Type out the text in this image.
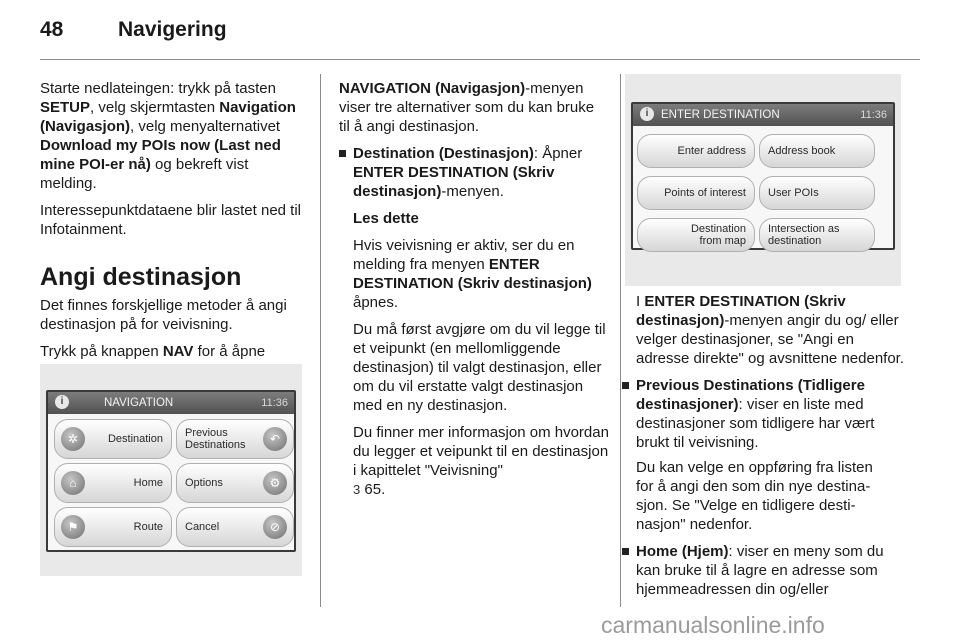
48	Navigering

Starte nedlateingen: trykk på tasten SETUP, velg skjermtasten Navigation (Navigasjon), velg menyalternativet Download my POIs now (Last ned mine POI-er nå) og bekreft vist melding.

Interessepunktdataene blir lastet ned til Infotainment.

Angi destinasjon

Det finnes forskjellige metoder å angi destinasjon på for veivisning.

Trykk på knappen NAV for å åpne

i	NAVIGATION	11:36
✲	Destination Previous
Destinations	↶
⌂	Home Options	⚙
⚑	Route Cancel	⊘

NAVIGATION (Navigasjon)-menyen viser tre alternativer som du kan bruke til å angi destinasjon.

Destination (Destinasjon): Åpner ENTER DESTINATION (Skriv destinasjon)-menyen.

Les dette

Hvis veivisning er aktiv, ser du en melding fra menyen ENTER DESTINATION (Skriv destinasjon) åpnes.

Du må først avgjøre om du vil legge til et veipunkt (en mellomliggende destinasjon) til valgt destinasjon, eller om du vil erstatte valgt destinasjon med en ny destinasjon.

Du finner mer informasjon om hvordan du legger et veipunkt til en destinasjon i kapittelet "Veivisning"
3 65.

i	ENTER DESTINATION	11:36
Enter address Address book
Points of interest User POIs
Destination
from map
Intersection as
destination

I ENTER DESTINATION (Skriv destinasjon)-menyen angir du og/ eller velger destinasjoner, se "Angi en adresse direkte" og avsnittene nedenfor.

Previous Destinations (Tidligere destinasjoner): viser en liste med destinasjoner som tidligere har vært brukt til veivisning.

Du kan velge en oppføring fra listen for å angi den som din nye destinasjon. Se "Velge en tidligere destinasjon" nedenfor.

Home (Hjem): viser en meny som du kan bruke til å lagre en adresse som hjemmeadressen din og/eller
carmanualsonline.info
